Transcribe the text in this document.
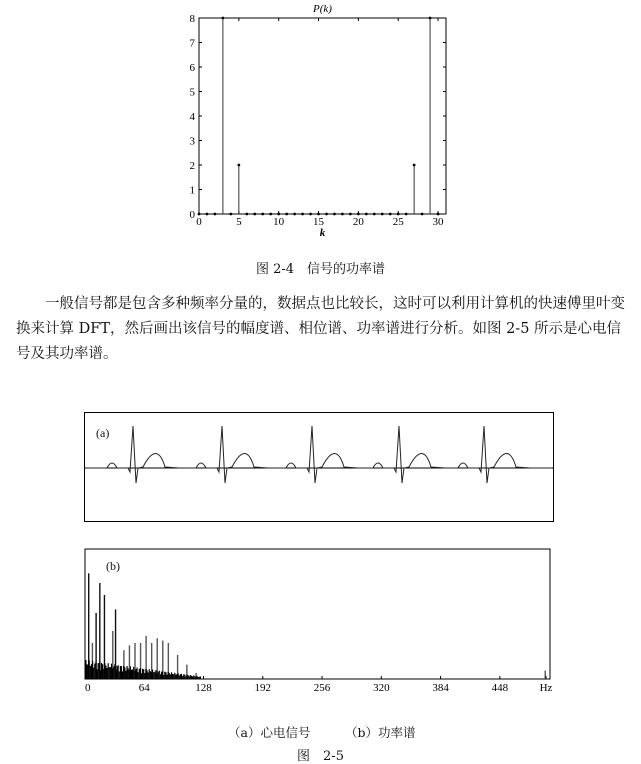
0
1
2
3
4
5
6
7
8
0	5	10	15	20	25	30
P(k)
k
图 2-4　信号的功率谱

一般信号都是包含多种频率分量的，数据点也比较长，这时可以利用计算机的快速傅里叶变换来计算 DFT，然后画出该信号的幅度谱、相位谱、功率谱进行分析。如图 2-5 所示是心电信号及其功率谱。

(a)
0	64	128	192	256	320	384	448	Hz
(b)
（a）心电信号	（b）功率谱
图　2-5
